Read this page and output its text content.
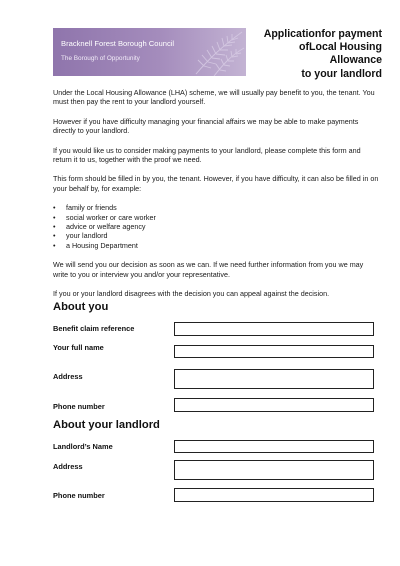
Bracknell Forest Borough Council
The Borough of Opportunity
Applicationfor payment
ofLocal Housing
Allowance
to your landlord

Under the Local Housing Allowance (LHA) scheme, we will usually pay benefit to you, the tenant. You must then pay the rent to your landlord yourself.

However if you have difficulty managing your financial affairs we may be able to make payments directly to your landlord.

If you would like us to consider making payments to your landlord, please complete this form and return it to us, together with the proof we need.

This form should be filled in by you, the tenant. However, if you have difficulty, it can also be filled in on your behalf by, for example:

• family or friends
• social worker or care worker
• advice or welfare agency
• your landlord
• a Housing Department

We will send you our decision as soon as we can. If we need further information from you we may write to you or interview you and/or your representative.

If you or your landlord disagrees with the decision you can appeal against the decision.

About you
Benefit claim reference
Your full name
Address
Phone number
About your landlord
Landlord’s Name
Address
Phone number
